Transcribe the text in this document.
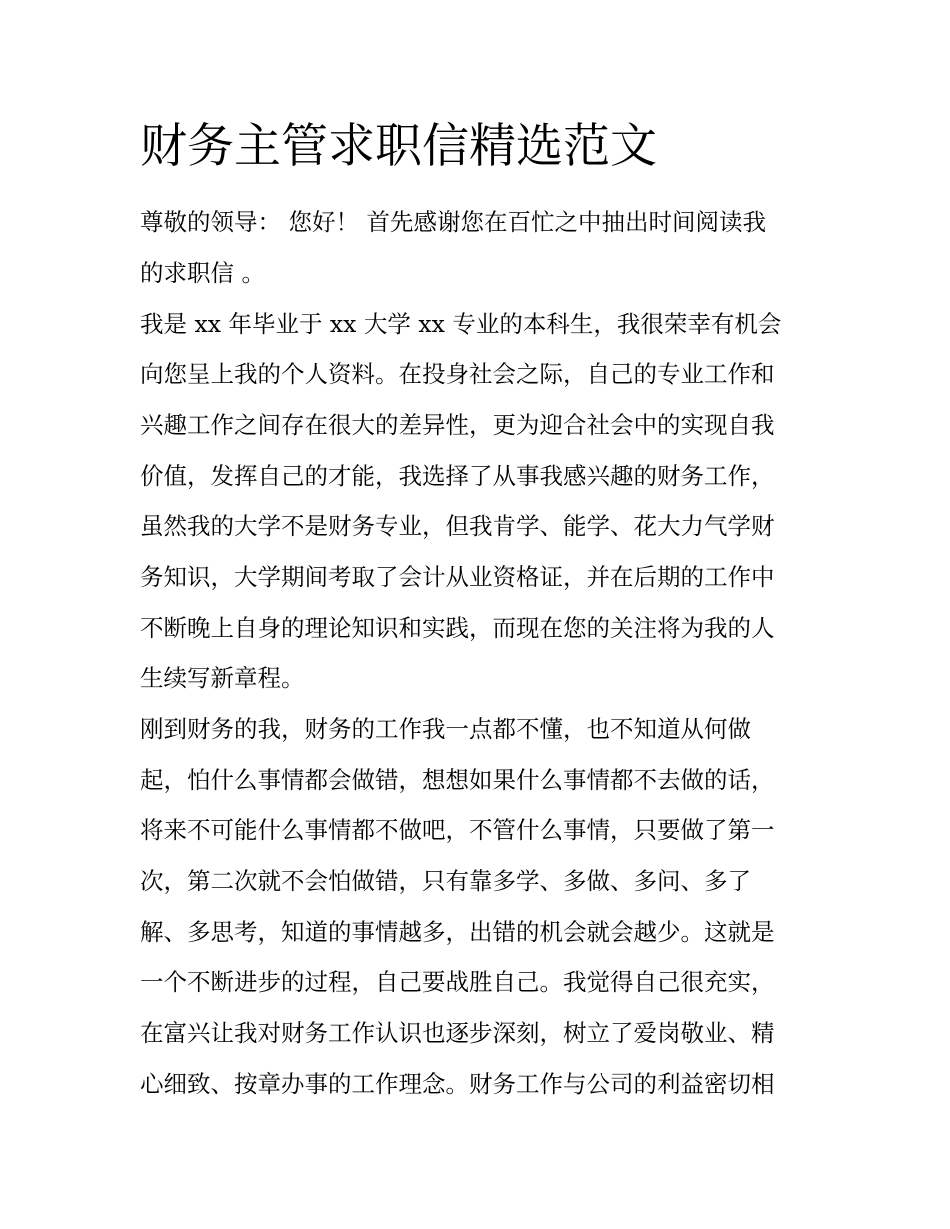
财务主管求职信精选范文

尊敬的领导： 您好！ 首先感谢您在百忙之中抽出时间阅读我

的求职信 。

我是 xx 年毕业于 xx 大学 xx 专业的本科生，我很荣幸有机会

向您呈上我的个人资料。在投身社会之际，自己的专业工作和

兴趣工作之间存在很大的差异性，更为迎合社会中的实现自我

价值，发挥自己的才能，我选择了从事我感兴趣的财务工作，

虽然我的大学不是财务专业，但我肯学、能学、花大力气学财

务知识，大学期间考取了会计从业资格证，并在后期的工作中

不断晚上自身的理论知识和实践，而现在您的关注将为我的人

生续写新章程。

刚到财务的我，财务的工作我一点都不懂，也不知道从何做

起，怕什么事情都会做错，想想如果什么事情都不去做的话，

将来不可能什么事情都不做吧，不管什么事情，只要做了第一

次，第二次就不会怕做错，只有靠多学、多做、多问、多了

解、多思考，知道的事情越多，出错的机会就会越少。这就是

一个不断进步的过程，自己要战胜自己。我觉得自己很充实，

在富兴让我对财务工作认识也逐步深刻，树立了爱岗敬业、精

心细致、按章办事的工作理念。财务工作与公司的利益密切相
